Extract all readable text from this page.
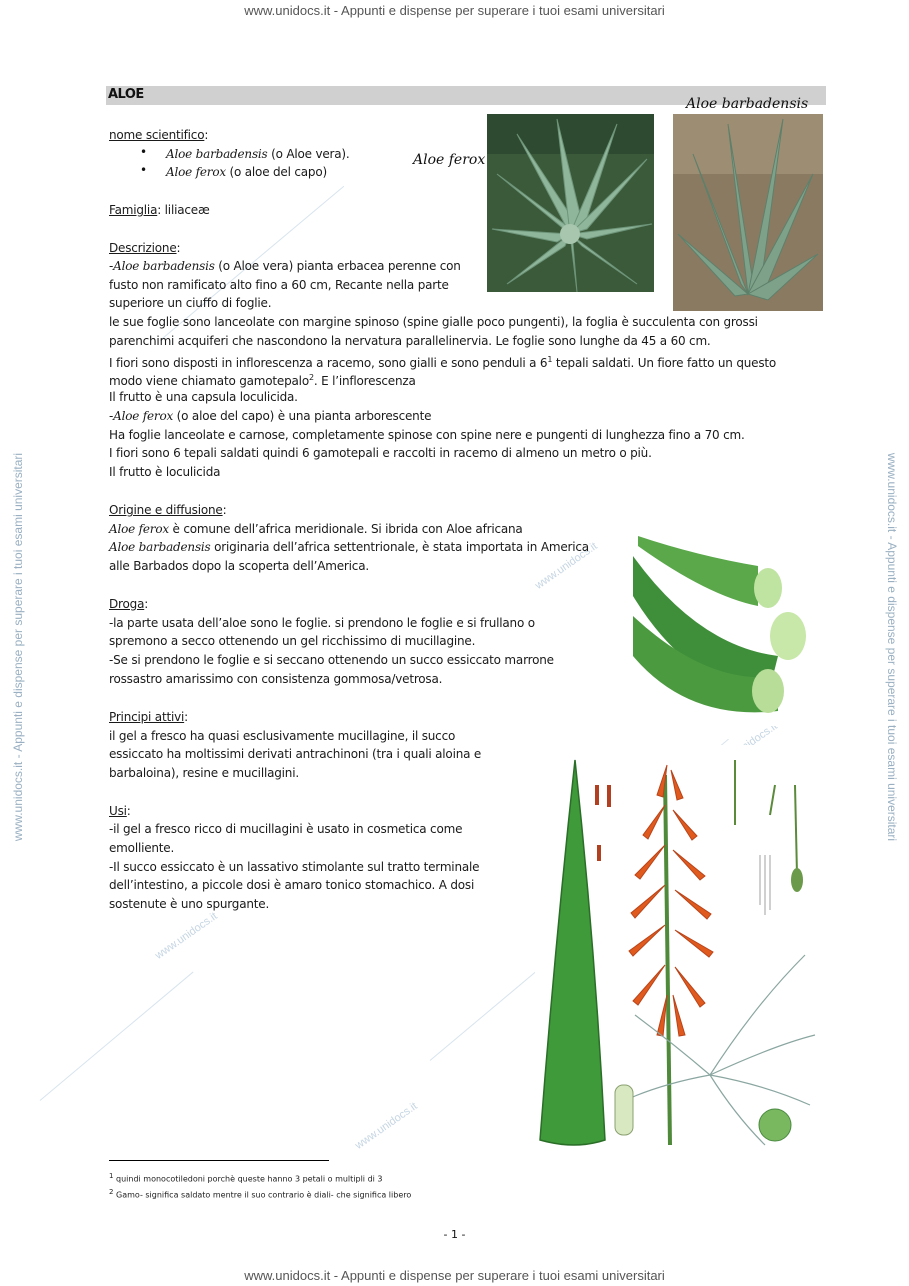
www.unidocs.it - Appunti e dispense per superare i tuoi esami universitari
www.unidocs.it - Appunti e dispense per superare i tuoi esami universitari
www.unidocs.it - Appunti e dispense per superare i tuoi esami universitari	www.unidocs.it - Appunti e dispense per superare i tuoi esami universitari
www.unidocs.it
www.unidocs.it
www.unidocs.it
ALOE
Aloe barbadensis
Aloe ferox
nome scientifico:
• Aloe barbadensis (o Aloe vera).
• Aloe ferox (o aloe del capo)
Famiglia: liliaceæ
Descrizione:
-Aloe barbadensis (o Aloe vera) pianta erbacea perenne con
fusto non ramificato alto fino a 60 cm, Recante nella parte
superiore un ciuffo di foglie.
le sue foglie sono lanceolate con margine spinoso (spine gialle poco pungenti), la foglia è succulenta con grossi
parenchimi acquiferi che nascondono la nervatura parallelinervia. Le foglie sono lunghe da 45 a 60 cm.
I fiori sono disposti in inflorescenza a racemo, sono gialli e sono penduli a $6^1$ tepali saldati. Un fiore fatto un questo
modo viene chiamato gamotepalo$^2$. E l’inflorescenza
Il frutto è una capsula loculicida.
-Aloe ferox (o aloe del capo) è una pianta arborescente
Ha foglie lanceolate e carnose, completamente spinose con spine nere e pungenti di lunghezza fino a 70 cm.
I fiori sono 6 tepali saldati quindi 6 gamotepali e raccolti in racemo di almeno un metro o più.
Il frutto è loculicida
Origine e diffusione:
Aloe ferox è comune dell’africa meridionale. Si ibrida con Aloe africana
Aloe barbadensis originaria dell’africa settentrionale, è stata importata in America
alle Barbados dopo la scoperta dell’America.
Droga:
-la parte usata dell’aloe sono le foglie. si prendono le foglie e si frullano o
spremono a secco ottenendo un gel ricchissimo di mucillagine.
-Se si prendono le foglie e si seccano ottenendo un succo essiccato marrone
rossastro amarissimo con consistenza gommosa/vetrosa.
Principi attivi:
il gel a fresco ha quasi esclusivamente mucillagine, il succo
essiccato ha moltissimi derivati antrachinoni (tra i quali aloina e
barbaloina), resine e mucillagini.
Usi:
-il gel a fresco ricco di mucillagini è usato in cosmetica come
emolliente.
-Il succo essiccato è un lassativo stimolante sul tratto terminale
dell’intestino, a piccole dosi è amaro tonico stomachico. A dosi
sostenute è uno spurgante.
$^1$ quindi monocotiledoni porchè queste hanno 3 petali o multipli di 3
$^2$ Gamo- significa saldato mentre il suo contrario è diali- che significa libero
- 1 -
